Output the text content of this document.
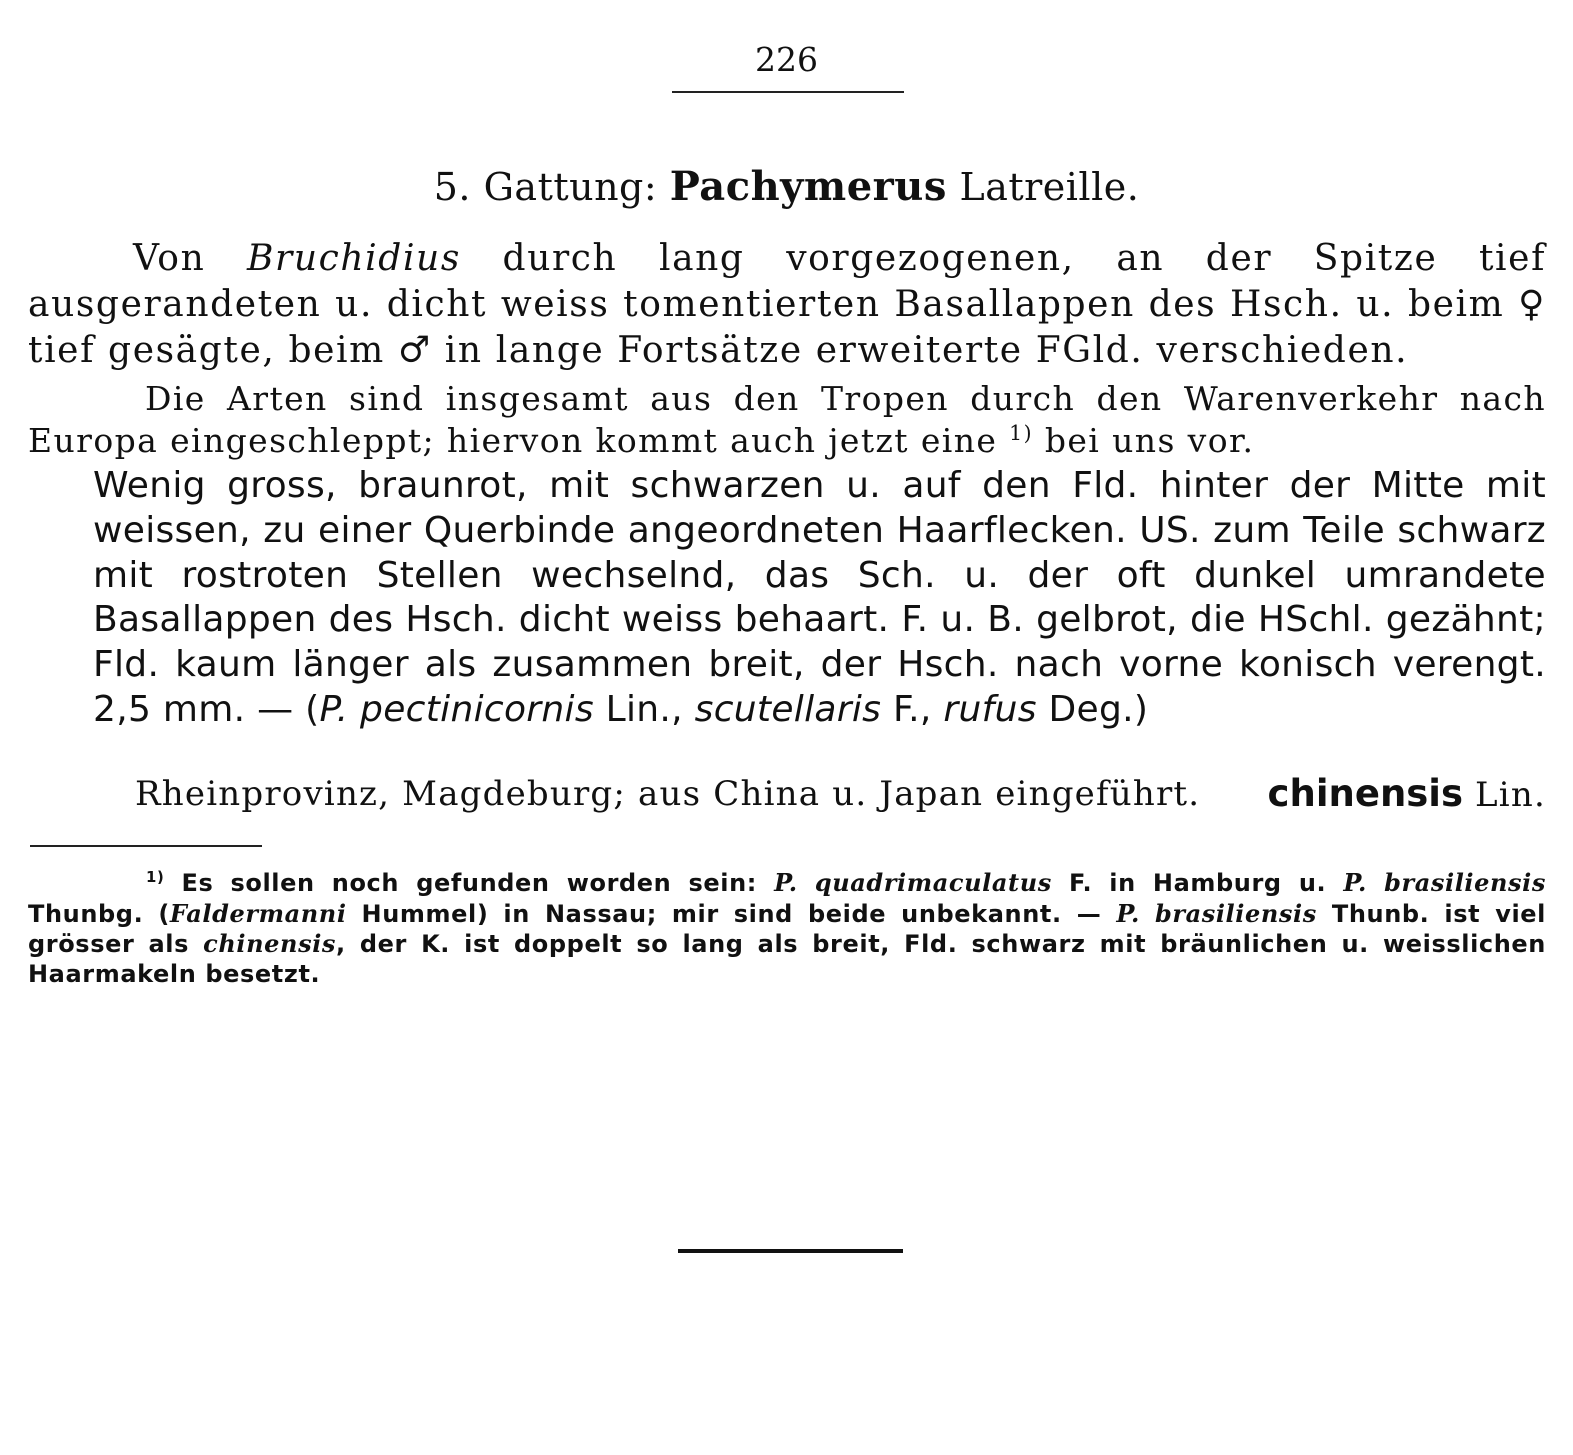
226
5. Gattung: Pachymerus Latreille.

Von Bruchidius durch lang vorgezogenen, an der Spitze tief ausgerandeten u. dicht weiss tomentierten Basallappen des Hsch. u. beim ♀ tief gesägte, beim ♂ in lange Fortsätze erweiterte FGld. verschieden.

Die Arten sind insgesamt aus den Tropen durch den Warenverkehr nach Europa eingeschleppt; hiervon kommt auch jetzt eine $^{1)}$ bei uns vor.

Wenig gross, braunrot, mit schwarzen u. auf den Fld. hinter der Mitte mit weissen, zu einer Querbinde angeordneten Haarflecken. US. zum Teile schwarz mit rostroten Stellen wechselnd, das Sch. u. der oft dunkel umrandete Basallappen des Hsch. dicht weiss behaart. F. u. B. gelbrot, die HSchl. gezähnt; Fld. kaum länger als zusammen breit, der Hsch. nach vorne konisch verengt. 2,5 mm. — (P. pectinicornis Lin., scutellaris F., rufus Deg.)

Rheinprovinz, Magdeburg; aus China u. Japan eingeführt. chinensis Lin.

$^{1)}$ Es sollen noch gefunden worden sein: P. quadrimaculatus F. in Hamburg u. P. brasiliensis Thunbg. (Faldermanni Hummel) in Nassau; mir sind beide unbekannt. — P. brasiliensis Thunb. ist viel grösser als chinensis, der K. ist doppelt so lang als breit, Fld. schwarz mit bräunlichen u. weisslichen Haarmakeln besetzt.
